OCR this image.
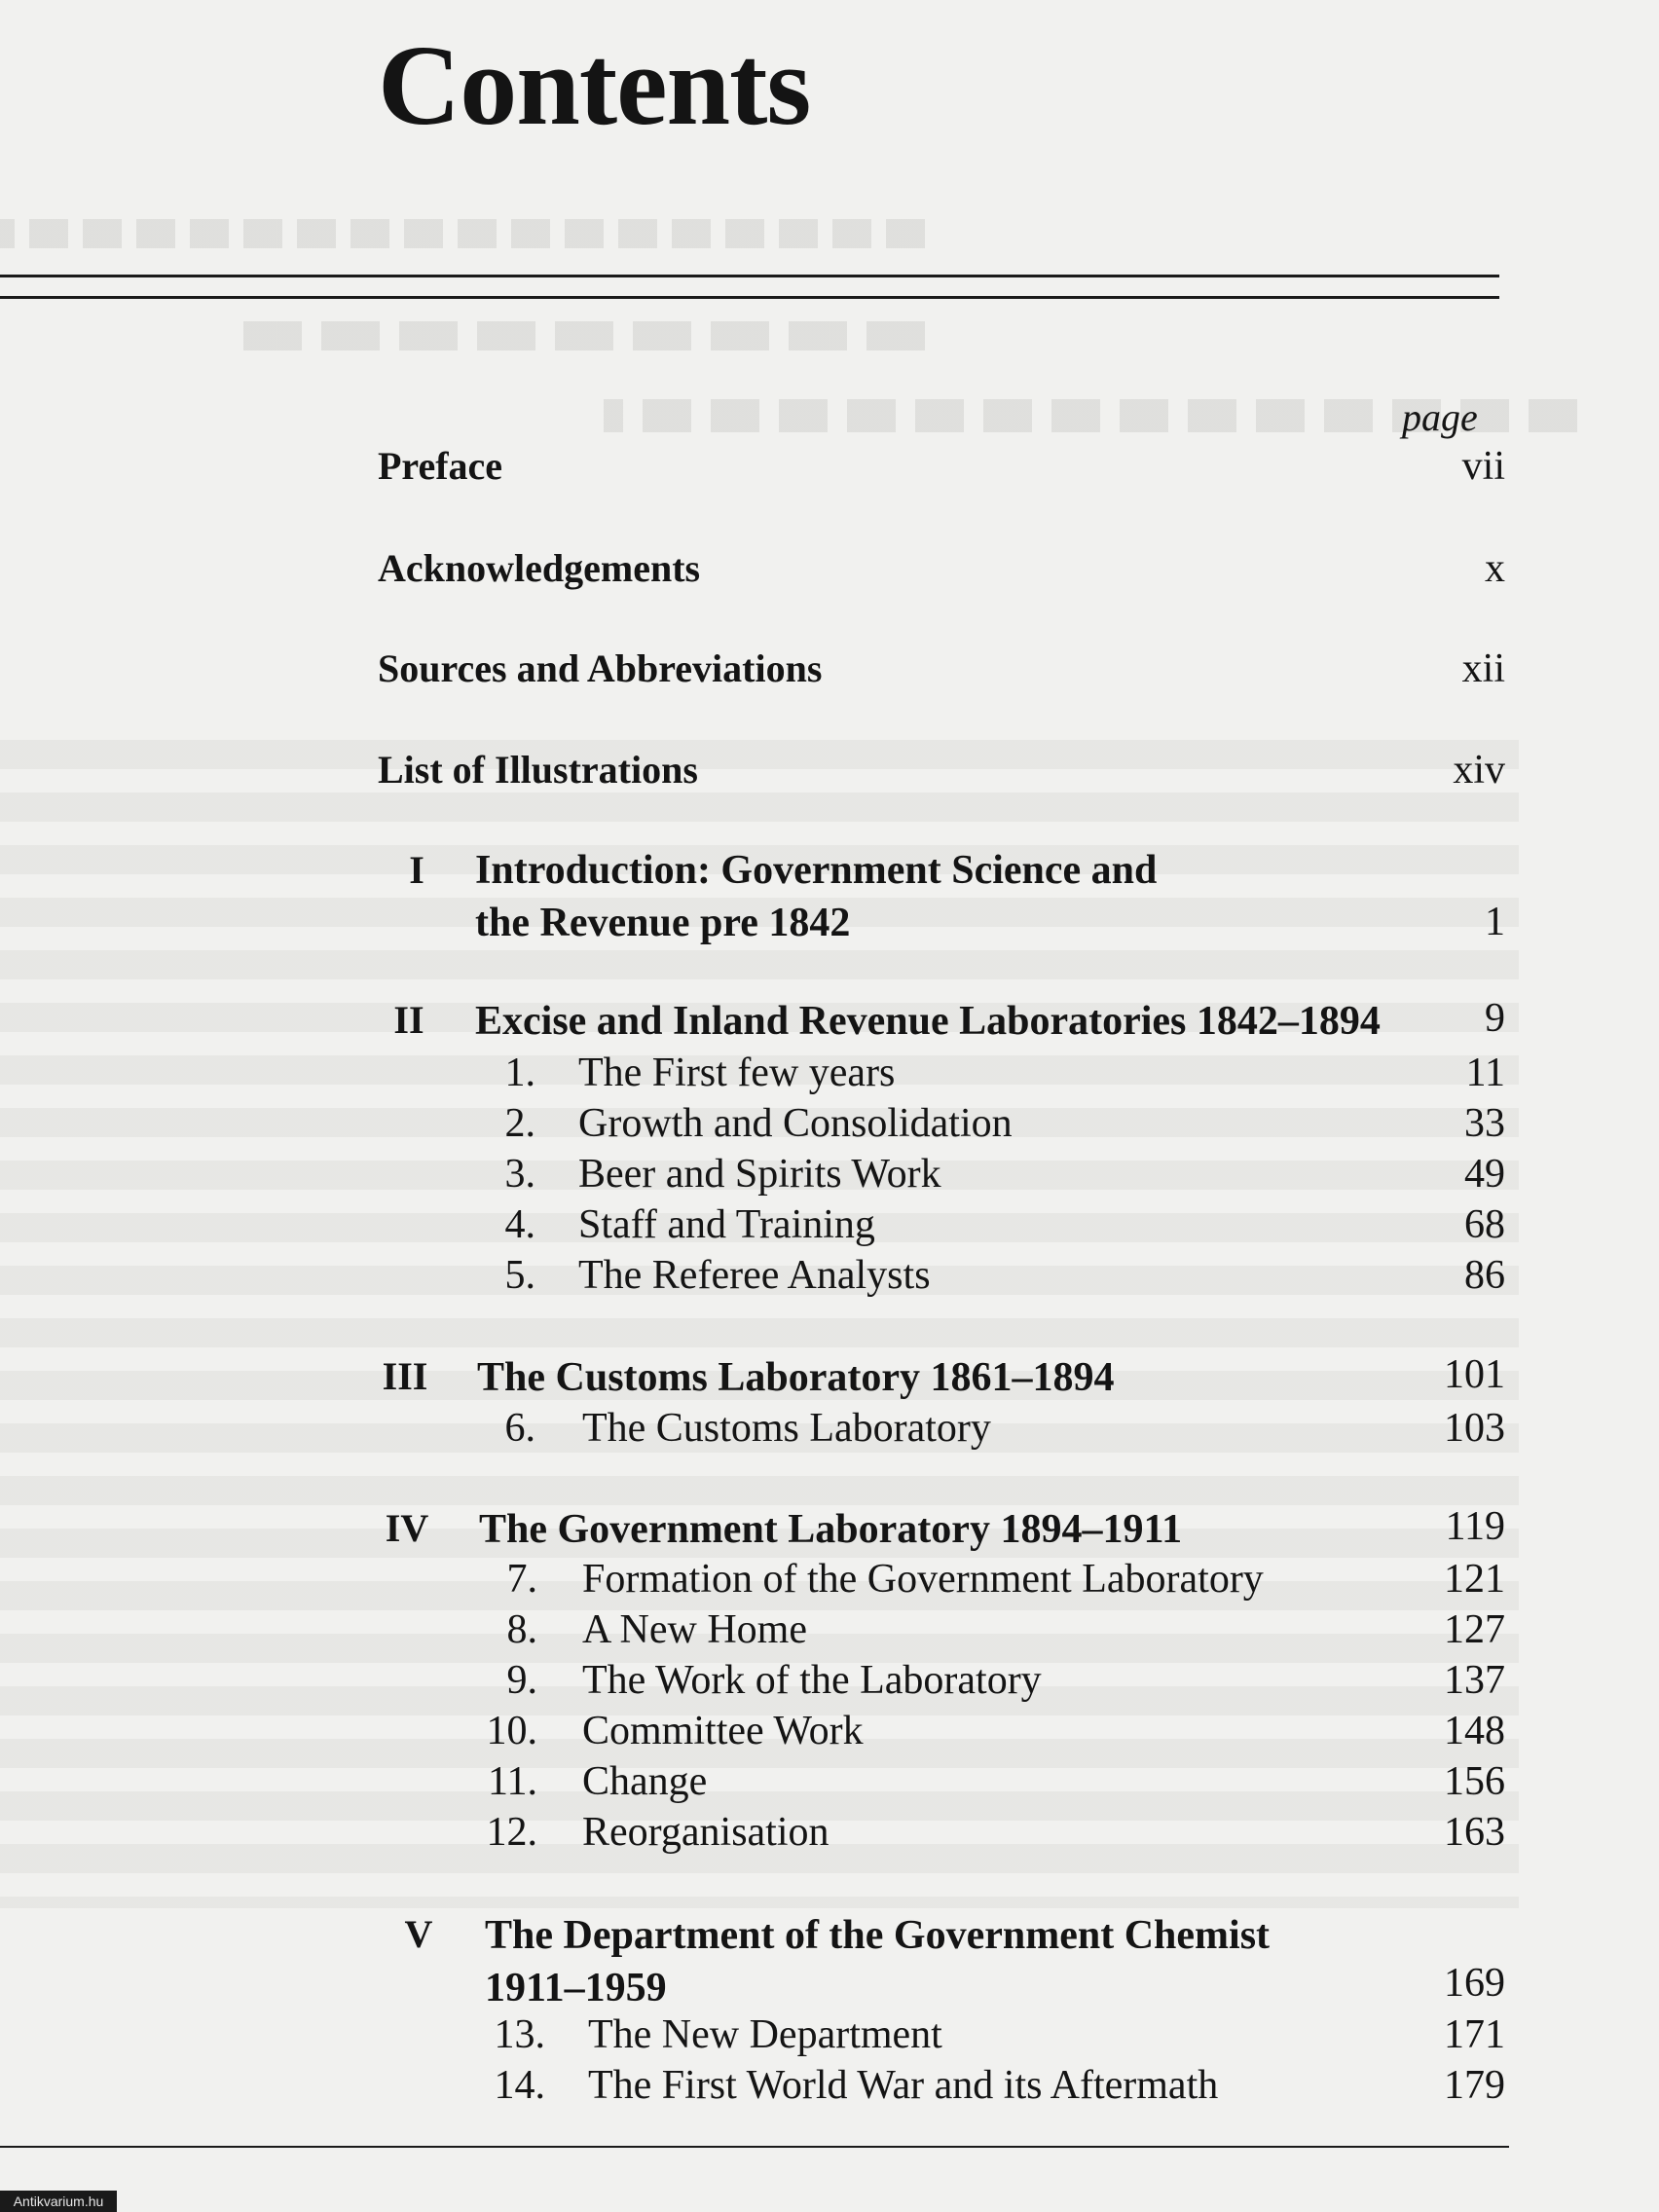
Contents
page
Preface	vii
Acknowledgements	x
Sources and Abbreviations	xii
List of Illustrations	xiv
I	Introduction: Government Science and
the Revenue pre 1842	1
II	Excise and Inland Revenue Laboratories 1842–1894	9
1. The First few years	11
2. Growth and Consolidation	33
3. Beer and Spirits Work	49
4. Staff and Training	68
5. The Referee Analysts	86
III	The Customs Laboratory 1861–1894	101
6. The Customs Laboratory	103
IV	The Government Laboratory 1894–1911	119
7. Formation of the Government Laboratory	121
8. A New Home	127
9. The Work of the Laboratory	137
10. Committee Work	148
11. Change	156
12. Reorganisation	163
V	The Department of the Government Chemist
1911–1959	169
13. The New Department	171
14. The First World War and its Aftermath	179
Antikvarium.hu
